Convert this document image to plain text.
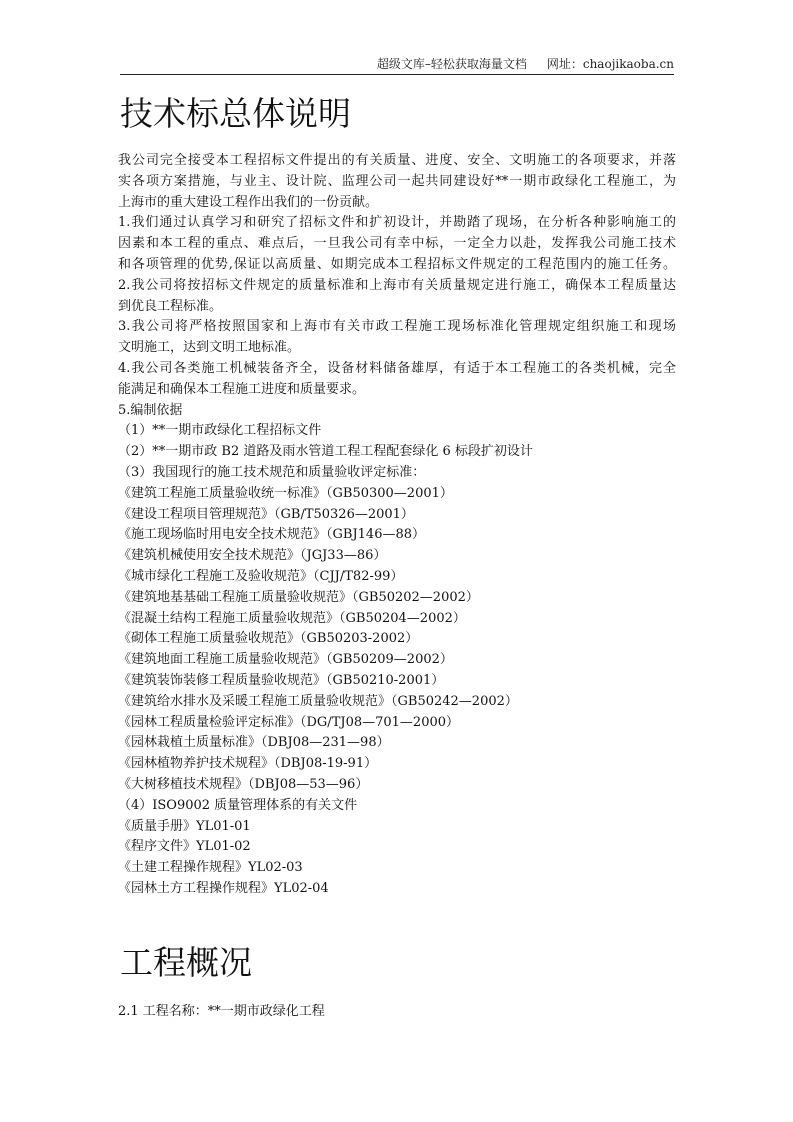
超级文库–轻松获取海量文档 网址：chaojikaoba.cn
技术标总体说明

我公司完全接受本工程招标文件提出的有关质量、进度、安全、文明施工的各项要求，并落

实各项方案措施，与业主、设计院、监理公司一起共同建设好**一期市政绿化工程施工，为

上海市的重大建设工程作出我们的一份贡献。

1.我们通过认真学习和研究了招标文件和扩初设计，并勘踏了现场，在分析各种影响施工的

因素和本工程的重点、难点后，一旦我公司有幸中标，一定全力以赴，发挥我公司施工技术

和各项管理的优势,保证以高质量、如期完成本工程招标文件规定的工程范围内的施工任务。

2.我公司将按招标文件规定的质量标准和上海市有关质量规定进行施工，确保本工程质量达

到优良工程标准。

3.我公司将严格按照国家和上海市有关市政工程施工现场标准化管理规定组织施工和现场

文明施工，达到文明工地标准。

4.我公司各类施工机械装备齐全，设备材料储备雄厚，有适于本工程施工的各类机械，完全

能满足和确保本工程施工进度和质量要求。

5.编制依据

（1）**一期市政绿化工程招标文件

（2）**一期市政 B2 道路及雨水管道工程工程配套绿化 6 标段扩初设计

（3）我国现行的施工技术规范和质量验收评定标准：

《建筑工程施工质量验收统一标准》（GB50300—2001）

《建设工程项目管理规范》（GB/T50326—2001）

《施工现场临时用电安全技术规范》（GBJ146—88）

《建筑机械使用安全技术规范》（JGJ33—86）

《城市绿化工程施工及验收规范》（CJJ/T82-99）

《建筑地基基础工程施工质量验收规范》（GB50202—2002）

《混凝土结构工程施工质量验收规范》（GB50204—2002）

《砌体工程施工质量验收规范》（GB50203-2002）

《建筑地面工程施工质量验收规范》（GB50209—2002）

《建筑装饰装修工程质量验收规范》（GB50210-2001）

《建筑给水排水及采暖工程施工质量验收规范》（GB50242—2002）

《园林工程质量检验评定标准》（DG/TJ08—701—2000）

《园林栽植土质量标准》（DBJ08—231—98）

《园林植物养护技术规程》（DBJ08-19-91）

《大树移植技术规程》（DBJ08—53—96）

（4）ISO9002 质量管理体系的有关文件

《质量手册》YL01-01

《程序文件》YL01-02

《土建工程操作规程》YL02-03

《园林土方工程操作规程》YL02-04

工程概况
2.1 工程名称：**一期市政绿化工程
